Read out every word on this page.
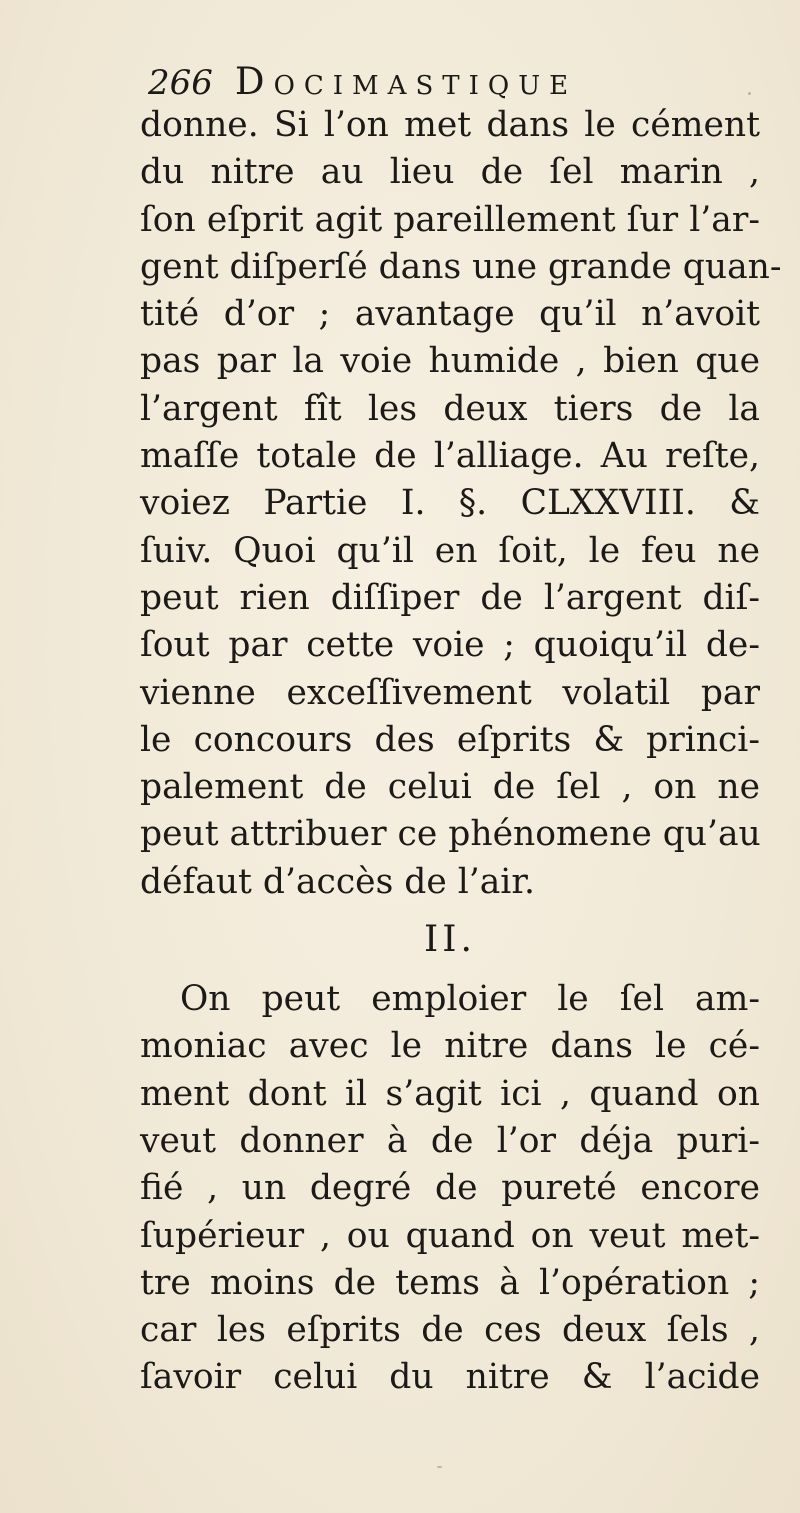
266 Docimastique
donne. Si l’on met dans le cément
du nitre au lieu de ſel marin ,
ſon eſprit agit pareillement ſur l’ar-
gent diſperſé dans une grande quan-
tité d’or ; avantage qu’il n’avoit
pas par la voie humide , bien que
l’argent fît les deux tiers de la
maſſe totale de l’alliage. Au reſte,
voiez Partie I. §. CLXXVIII. &
ſuiv. Quoi qu’il en ſoit, le feu ne
peut rien diſſiper de l’argent diſ-
ſout par cette voie ; quoiqu’il de-
vienne exceſſivement volatil par
le concours des eſprits & princi-
palement de celui de ſel , on ne
peut attribuer ce phénomene qu’au
défaut d’accès de l’air.
II.
On peut emploier le ſel am-
moniac avec le nitre dans le cé-
ment dont il s’agit ici , quand on
veut donner à de l’or déja puri-
fié , un degré de pureté encore
ſupérieur , ou quand on veut met-
tre moins de tems à l’opération ;
car les eſprits de ces deux ſels ,
ſavoir celui du nitre & l’acide
